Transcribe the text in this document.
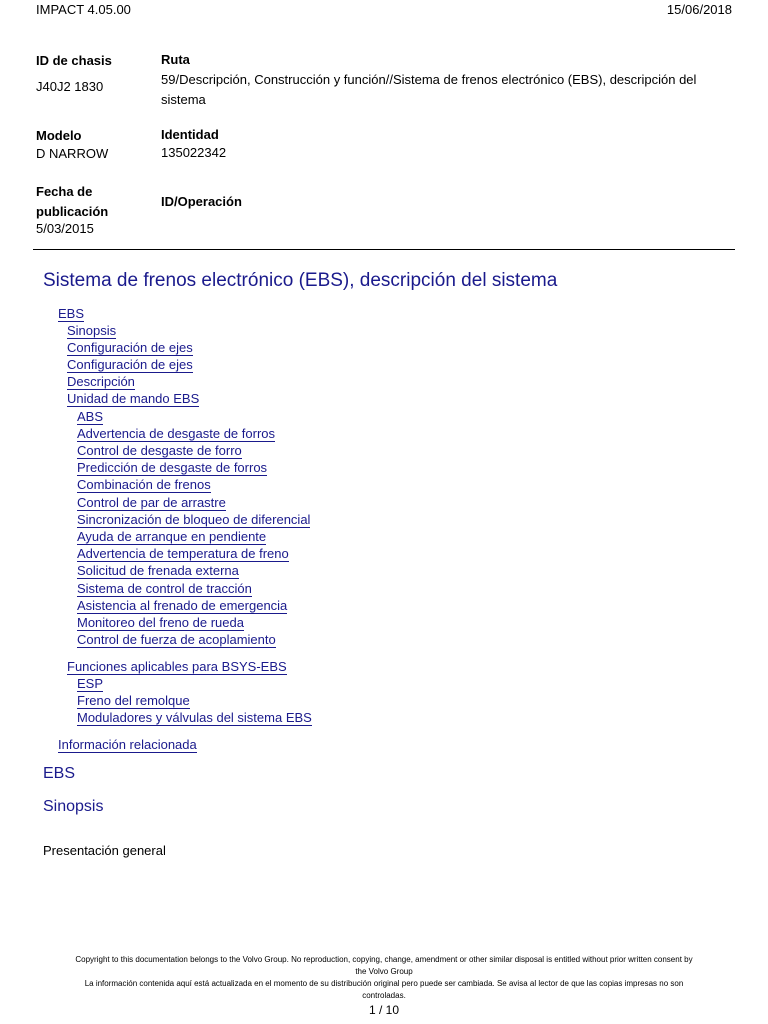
IMPACT 4.05.00	15/06/2018
ID de chasis
J40J2 1830
Ruta
59/Descripción, Construcción y función//Sistema de frenos electrónico (EBS), descripción del
sistema
Modelo
D NARROW
Identidad
135022342
Fecha de
publicación
5/03/2015
ID/Operación
Sistema de frenos electrónico (EBS), descripción del sistema
EBS
Sinopsis
Configuración de ejes
Configuración de ejes
Descripción
Unidad de mando EBS
ABS
Advertencia de desgaste de forros
Control de desgaste de forro
Predicción de desgaste de forros
Combinación de frenos
Control de par de arrastre
Sincronización de bloqueo de diferencial
Ayuda de arranque en pendiente
Advertencia de temperatura de freno
Solicitud de frenada externa
Sistema de control de tracción
Asistencia al frenado de emergencia
Monitoreo del freno de rueda
Control de fuerza de acoplamiento
Funciones aplicables para BSYS-EBS
ESP
Freno del remolque
Moduladores y válvulas del sistema EBS
Información relacionada
EBS
Sinopsis
Presentación general
Copyright to this documentation belongs to the Volvo Group. No reproduction, copying, change, amendment or other similar disposal is entitled without prior written consent by
the Volvo Group
La información contenida aquí está actualizada en el momento de su distribución original pero puede ser cambiada. Se avisa al lector de que las copias impresas no son
controladas.
1 / 10
